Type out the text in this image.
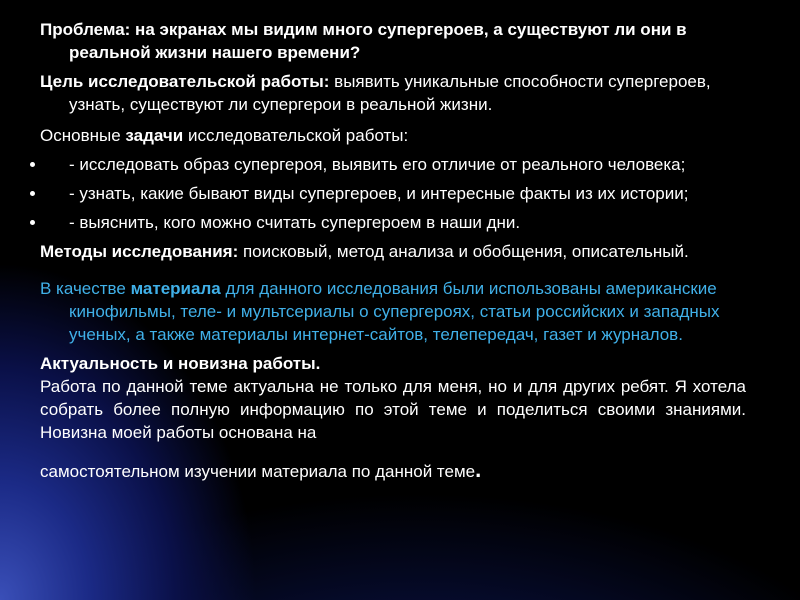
Проблема: на экранах мы видим много супергероев, а существуют ли они в реальной жизни нашего времени?

Цель исследовательской работы: выявить уникальные способности супергероев, узнать, существуют ли супергерои в реальной жизни.

Основные задачи исследовательской работы:

- исследовать образ супергероя, выявить его отличие от реального человека;
- узнать, какие бывают виды супергероев, и интересные факты из их истории;
- выяснить, кого можно считать супергероем в наши дни.

Методы исследования: поисковый, метод анализа и обобщения, описательный.

В качестве материала для данного исследования были использованы американские кинофильмы, теле- и мультсериалы о супергероях, статьи российских и западных ученых, а также материалы интернет-сайтов, телепередач, газет и журналов.

Актуальность и новизна работы.

Работа по данной теме актуальна не только для меня, но и для других ребят. Я хотела собрать более полную информацию по этой теме и поделиться своими знаниями. Новизна моей работы основана на

самостоятельном изучении материала по данной теме.
